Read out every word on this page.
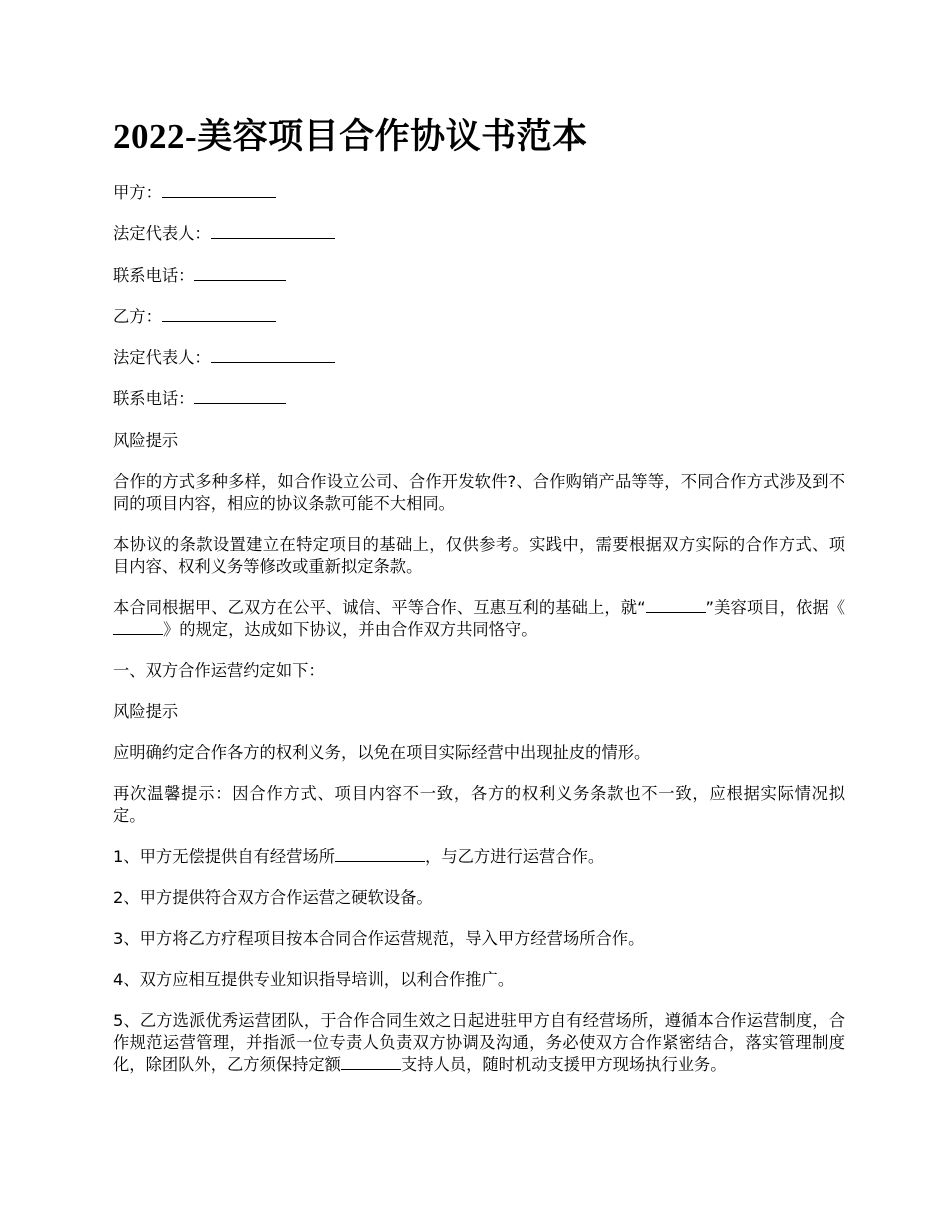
2022-美容项目合作协议书范本
甲方：
法定代表人：
联系电话：
乙方：
法定代表人：
联系电话：
风险提示
合作的方式多种多样，如合作设立公司、合作开发软件?、合作购销产品等等，不同合作方式涉及到不同的项目内容，相应的协议条款可能不大相同。
本协议的条款设置建立在特定项目的基础上，仅供参考。实践中，需要根据双方实际的合作方式、项目内容、权利义务等修改或重新拟定条款。
本合同根据甲、乙双方在公平、诚信、平等合作、互惠互利的基础上，就“	”美容项目，依据《》的规定，达成如下协议，并由合作双方共同恪守。
一、双方合作运营约定如下：
风险提示
应明确约定合作各方的权利义务，以免在项目实际经营中出现扯皮的情形。
再次温馨提示：因合作方式、项目内容不一致，各方的权利义务条款也不一致，应根据实际情况拟定。
1、甲方无偿提供自有经营场所	，与乙方进行运营合作。
2、甲方提供符合双方合作运营之硬软设备。
3、甲方将乙方疗程项目按本合同合作运营规范，导入甲方经营场所合作。
4、双方应相互提供专业知识指导培训，以利合作推广。
5、乙方选派优秀运营团队，于合作合同生效之日起进驻甲方自有经营场所，遵循本合作运营制度，合作规范运营管理，并指派一位专责人负责双方协调及沟通，务必使双方合作紧密结合，落实管理制度化，除团队外，乙方须保持定额	支持人员，随时机动支援甲方现场执行业务。
